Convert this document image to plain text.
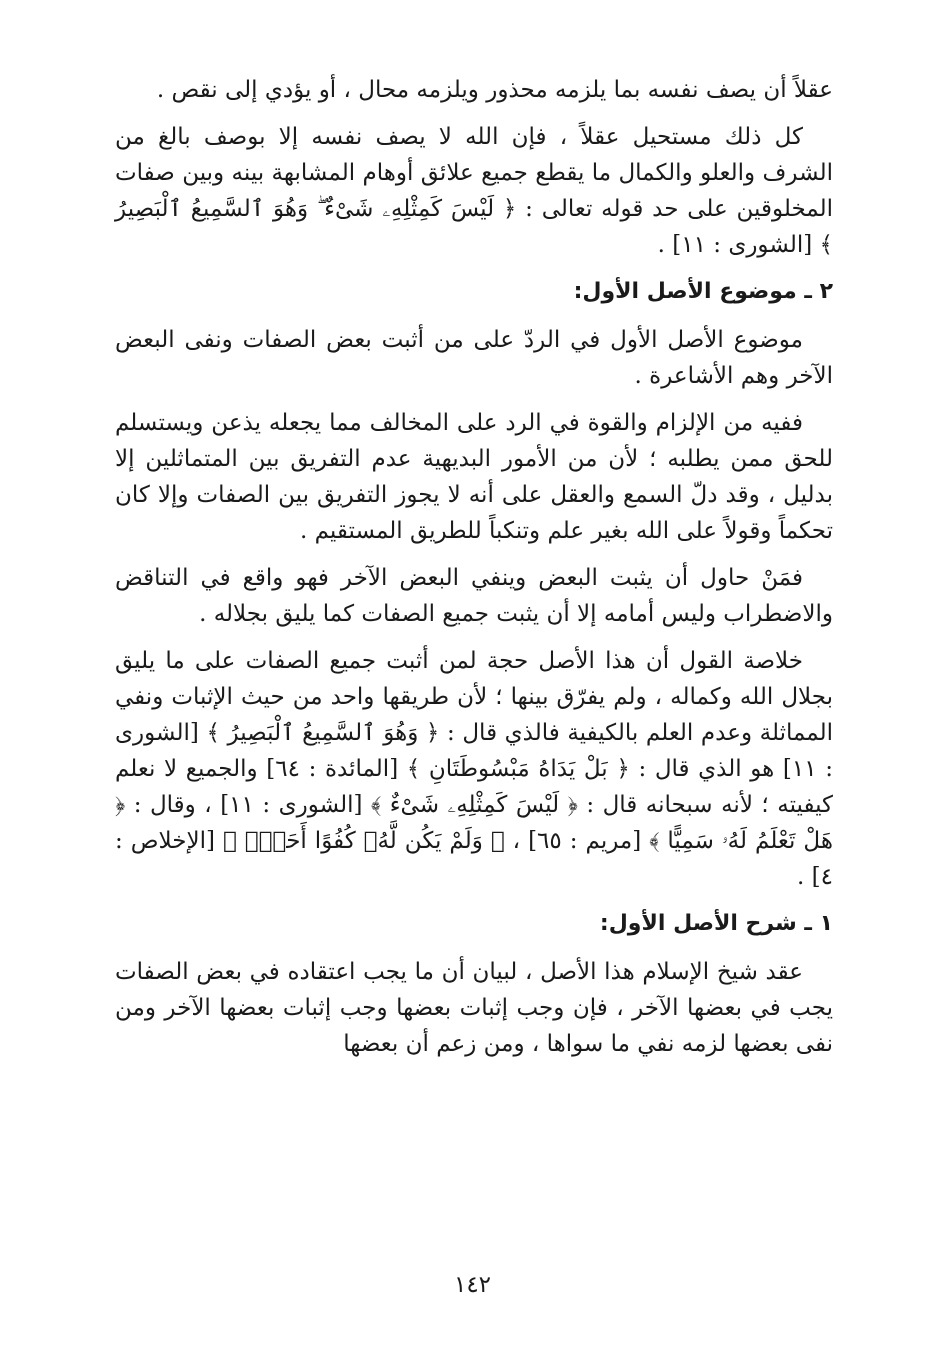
عقلاً أن يصف نفسه بما يلزمه محذور ويلزمه محال ، أو يؤدي إلى نقص .

كل ذلك مستحيل عقلاً ، فإن الله لا يصف نفسه إلا بوصف بالغ من الشرف والعلو والكمال ما يقطع جميع علائق أوهام المشابهة بينه وبين صفات المخلوقين على حد قوله تعالى : ﴿ لَيْسَ كَمِثْلِهِۦ شَىْءٌ ۖ وَهُوَ ٱلسَّمِيعُ ٱلْبَصِيرُ ﴾ [الشورى : ١١] .

٢ ـ موضوع الأصل الأول:

موضوع الأصل الأول في الردّ على من أثبت بعض الصفات ونفى البعض الآخر وهم الأشاعرة .

ففيه من الإلزام والقوة في الرد على المخالف مما يجعله يذعن ويستسلم للحق ممن يطلبه ؛ لأن من الأمور البديهية عدم التفريق بين المتماثلين إلا بدليل ، وقد دلّ السمع والعقل على أنه لا يجوز التفريق بين الصفات وإلا كان تحكماً وقولاً على الله بغير علم وتنكباً للطريق المستقيم .

فمَنْ حاول أن يثبت البعض وينفي البعض الآخر فهو واقع في التناقض والاضطراب وليس أمامه إلا أن يثبت جميع الصفات كما يليق بجلاله .

خلاصة القول أن هذا الأصل حجة لمن أثبت جميع الصفات على ما يليق بجلال الله وكماله ، ولم يفرّق بينها ؛ لأن طريقها واحد من حيث الإثبات ونفي المماثلة وعدم العلم بالكيفية فالذي قال : ﴿ وَهُوَ ٱلسَّمِيعُ ٱلْبَصِيرُ ﴾ [الشورى : ١١] هو الذي قال : ﴿ بَلْ يَدَاهُ مَبْسُوطَتَانِ ﴾ [المائدة : ٦٤] والجميع لا نعلم كيفيته ؛ لأنه سبحانه قال : ﴿ لَيْسَ كَمِثْلِهِۦ شَىْءٌ ﴾ [الشورى : ١١] ، وقال : ﴿ هَلْ تَعْلَمُ لَهُۥ سَمِيًّا ﴾ [مريم : ٦٥] ، ﴿ وَلَمْ يَكُن لَّهُۥ كُفُوًا أَحَدٌۢ ﴾ [الإخلاص : ٤] .

١ ـ شرح الأصل الأول:

عقد شيخ الإسلام هذا الأصل ، لبيان أن ما يجب اعتقاده في بعض الصفات يجب في بعضها الآخر ، فإن وجب إثبات بعضها وجب إثبات بعضها الآخر ومن نفى بعضها لزمه نفي ما سواها ، ومن زعم أن بعضها

١٤٢
